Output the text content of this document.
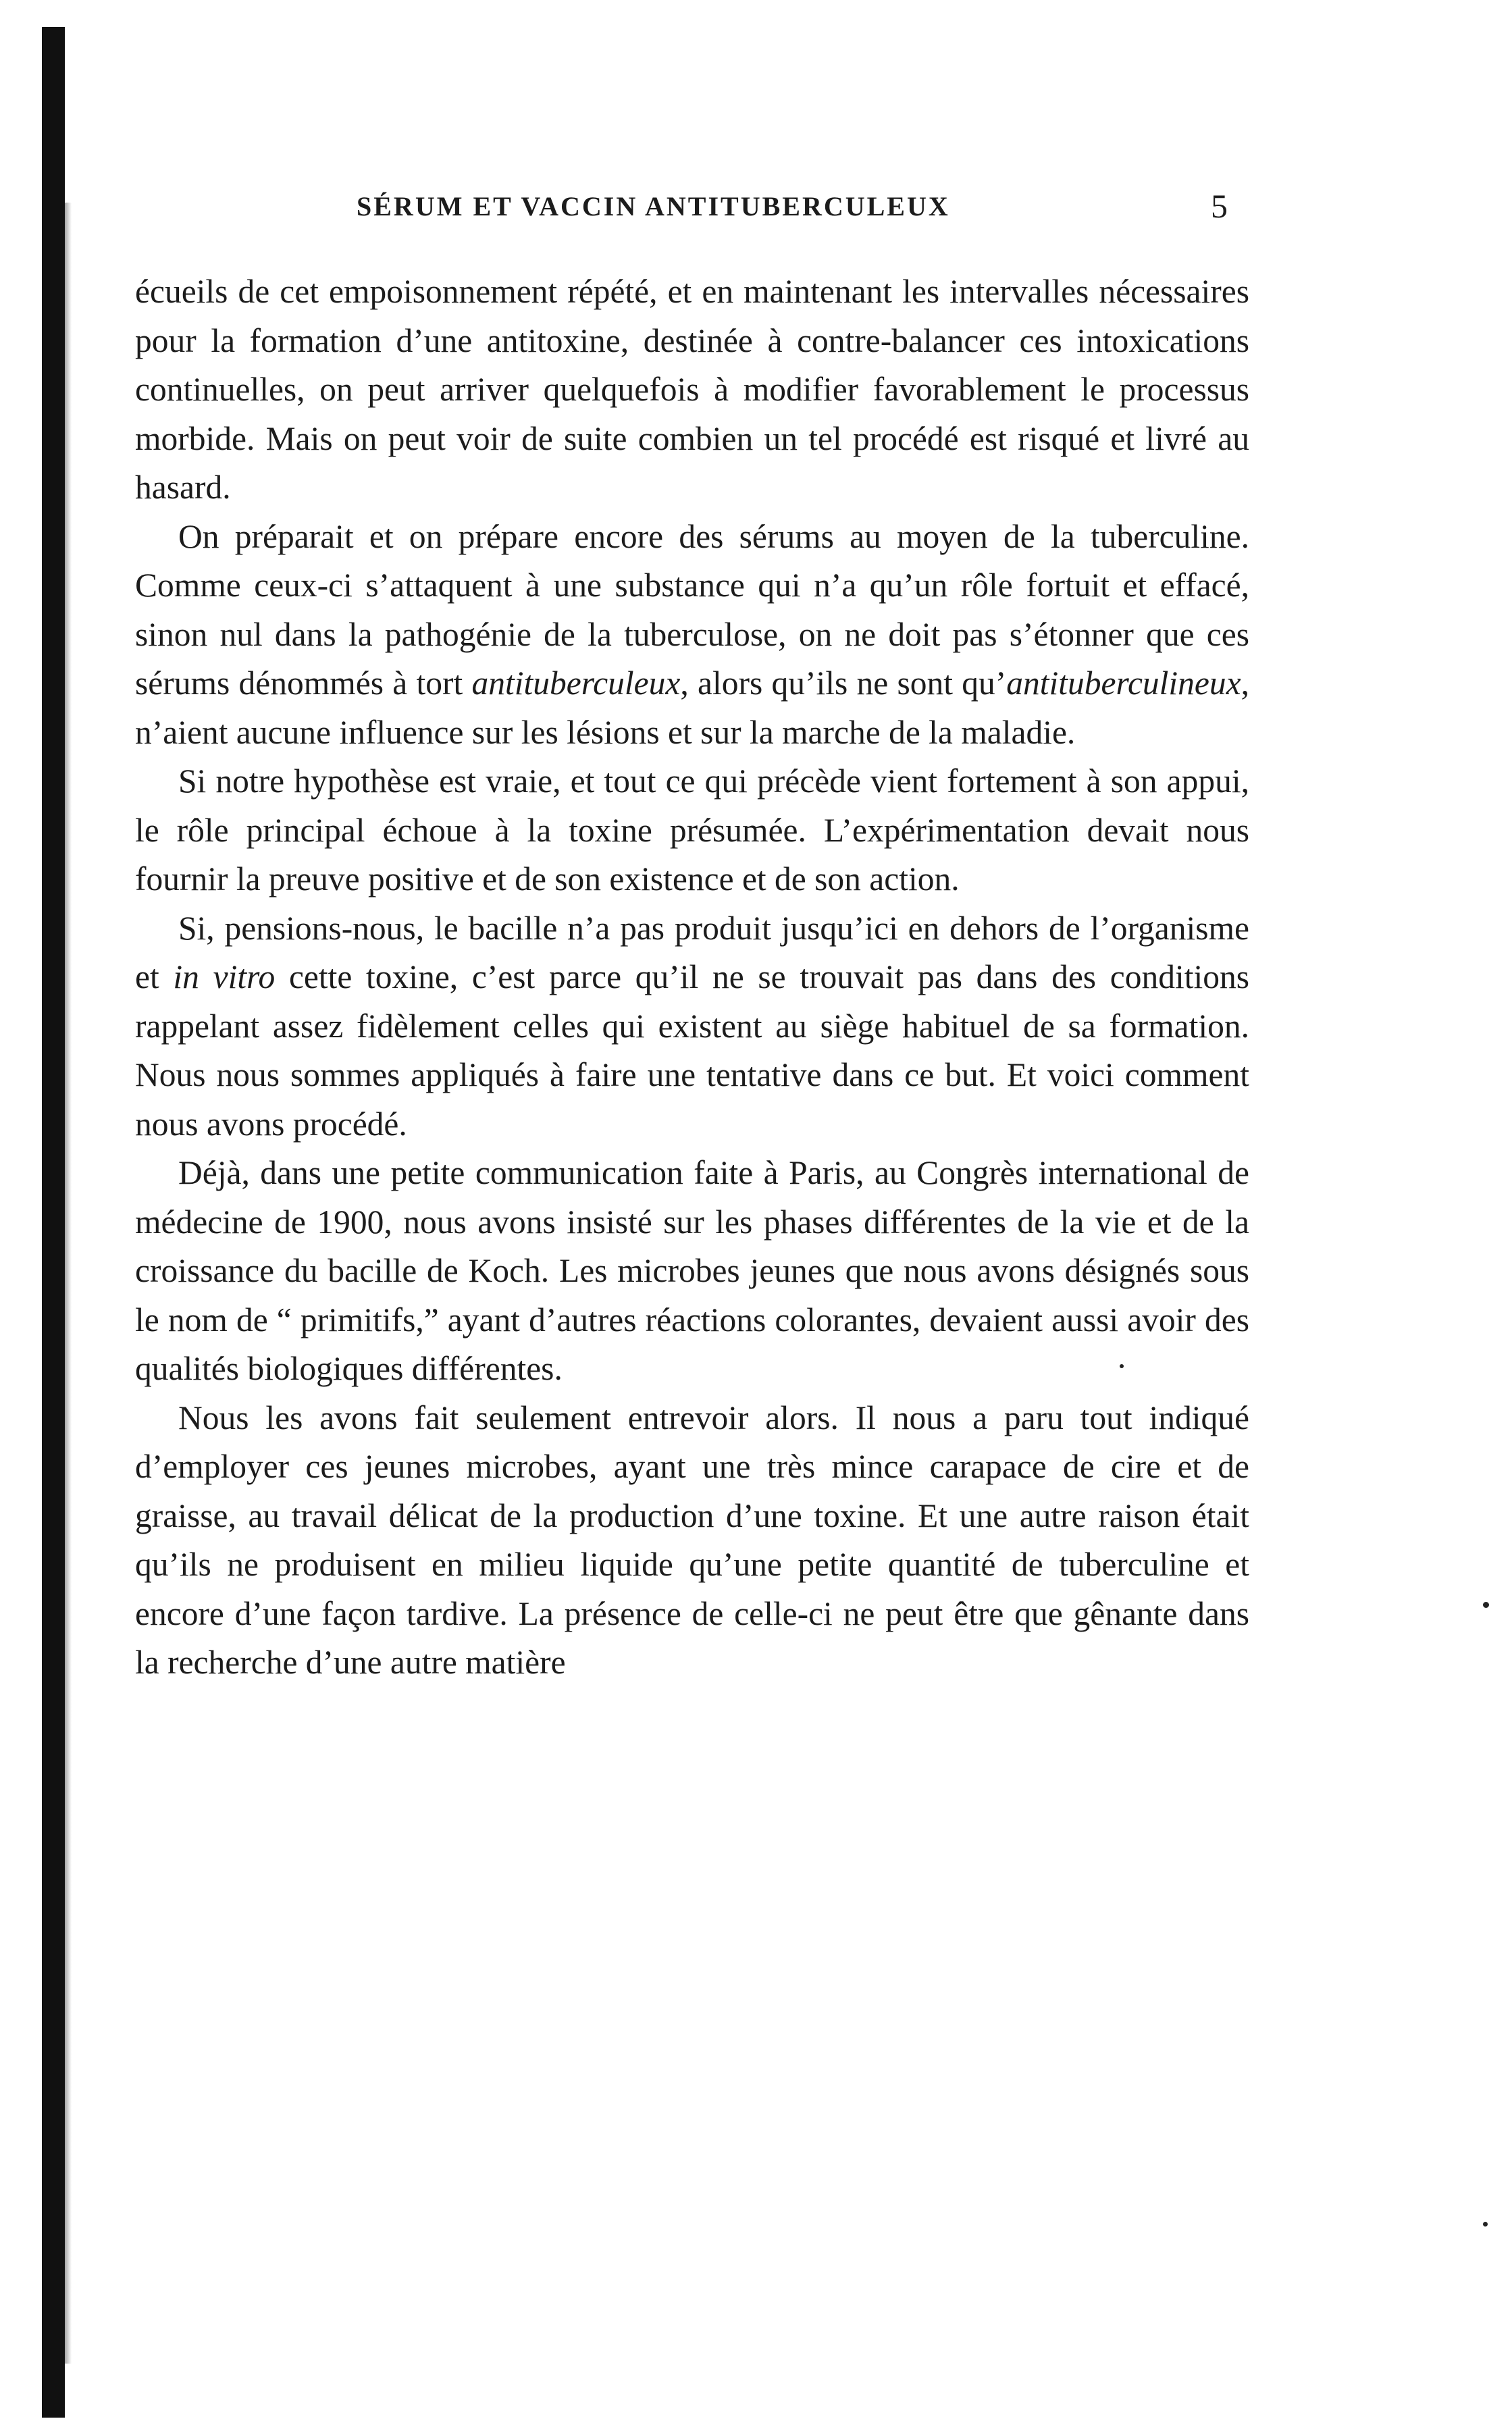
SÉRUM ET VACCIN ANTITUBERCULEUX	5

écueils de cet empoisonnement répété, et en maintenant les intervalles nécessaires pour la formation d’une antitoxine, destinée à contre-balancer ces intoxications continuelles, on peut arriver quelquefois à modifier favorablement le processus morbide. Mais on peut voir de suite combien un tel procédé est risqué et livré au hasard.

On préparait et on prépare encore des sérums au moyen de la tuberculine. Comme ceux-ci s’attaquent à une substance qui n’a qu’un rôle fortuit et effacé, sinon nul dans la pathogénie de la tuberculose, on ne doit pas s’étonner que ces sérums dénommés à tort antituberculeux, alors qu’ils ne sont qu’antituberculineux, n’aient aucune influence sur les lésions et sur la marche de la maladie.

Si notre hypothèse est vraie, et tout ce qui précède vient fortement à son appui, le rôle principal échoue à la toxine présumée. L’expérimentation devait nous fournir la preuve positive et de son existence et de son action.

Si, pensions-nous, le bacille n’a pas produit jusqu’ici en dehors de l’organisme et in vitro cette toxine, c’est parce qu’il ne se trouvait pas dans des conditions rappelant assez fidèlement celles qui existent au siège habituel de sa formation. Nous nous sommes appliqués à faire une tentative dans ce but. Et voici comment nous avons procédé.

Déjà, dans une petite communication faite à Paris, au Congrès international de médecine de 1900, nous avons insisté sur les phases différentes de la vie et de la croissance du bacille de Koch. Les microbes jeunes que nous avons désignés sous le nom de “ primitifs,” ayant d’autres réactions colorantes, devaient aussi avoir des qualités biologiques différentes.

Nous les avons fait seulement entrevoir alors. Il nous a paru tout indiqué d’employer ces jeunes microbes, ayant une très mince carapace de cire et de graisse, au travail délicat de la production d’une toxine. Et une autre raison était qu’ils ne produisent en milieu liquide qu’une petite quantité de tuberculine et encore d’une façon tardive. La présence de celle-ci ne peut être que gênante dans la recherche d’une autre matière
